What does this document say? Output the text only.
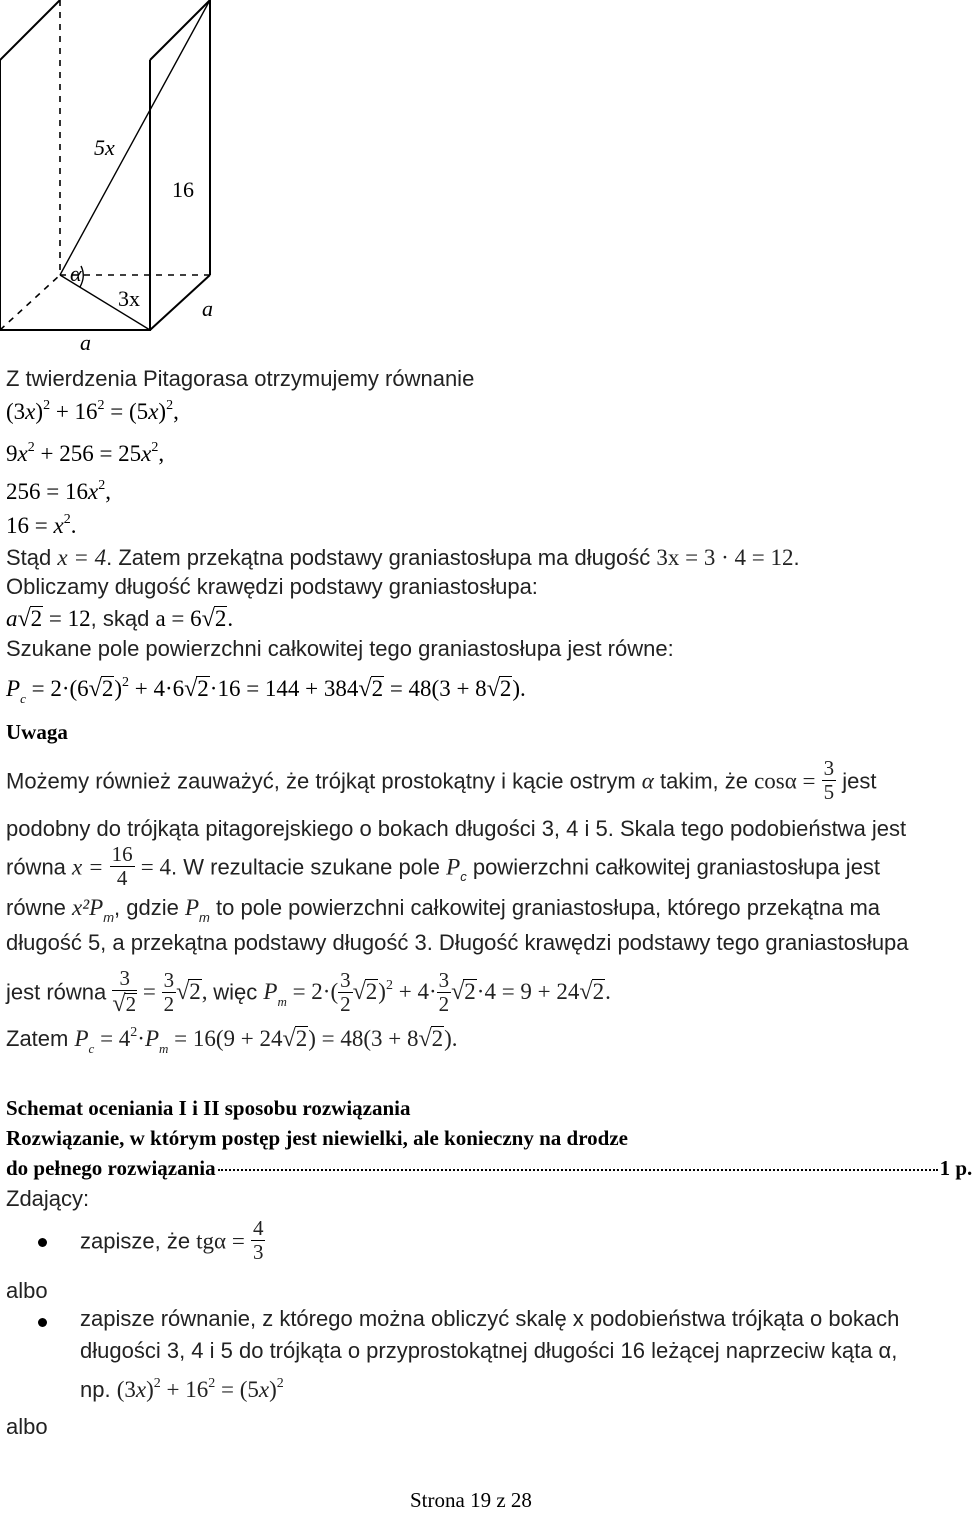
5x
16
α
3x	a
a
Z twierdzenia Pitagorasa otrzymujemy równanie
$(3x)^2 + 16^2 = (5x)^2$,
$9x^2 + 256 = 25x^2$,
$256 = 16x^2$,
$16 = x^2$.
Stąd x = 4. Zatem przekątna podstawy graniastosłupa ma długość 3x = 3 · 4 = 12.
Obliczamy długość krawędzi podstawy graniastosłupa:
a√2 = 12, skąd a = 6√2.
Szukane pole powierzchni całkowitej tego graniastosłupa jest równe:
$P_c = 2\cdot(6√2)^2 + 4\cdot 6√2\cdot 16 = 144 + 384√2 = 48(3 + 8√2)$.
Uwaga
Możemy również zauważyć, że trójkąt prostokątny i kącie ostrym α takim, że $\cos\alpha = \frac{3}{5}$ jest
podobny do trójkąta pitagorejskiego o bokach długości 3, 4 i 5. Skala tego podobieństwa jest
równa $x = \frac{16}{4} = 4$. W rezultacie szukane pole $P_c$ powierzchni całkowitej graniastosłupa jest
równe $x^2P_m$, gdzie $P_m$ to pole powierzchni całkowitej graniastosłupa, którego przekątna ma
długość 5, a przekątna podstawy długość 3. Długość krawędzi podstawy tego graniastosłupa
jest równa $\frac{3}{√2} = \frac{3}{2} √2$, więc $P_m = 2\cdot( \frac{3}{2} √2)^2 + 4\cdot \frac{3}{2} √2\cdot 4 = 9 + 24√2$.
Zatem $P_c = 4^2\cdot P_m = 16(9 + 24√2) = 48(3 + 8√2)$.
Schemat oceniania I i II sposobu rozwiązania
Rozwiązanie, w którym postęp jest niewielki, ale konieczny na drodze
do pełnego rozwiązania	1 p.
Zdający:
zapisze, że $tg\alpha = \frac{4}{3}$
albo
zapisze równanie, z którego można obliczyć skalę x podobieństwa trójkąta o bokach
długości 3, 4 i 5 do trójkąta o przyprostokątnej długości 16 leżącej naprzeciw kąta α,
np. $(3x)^2 + 16^2 = (5x)^2$
albo
Strona 19 z 28
